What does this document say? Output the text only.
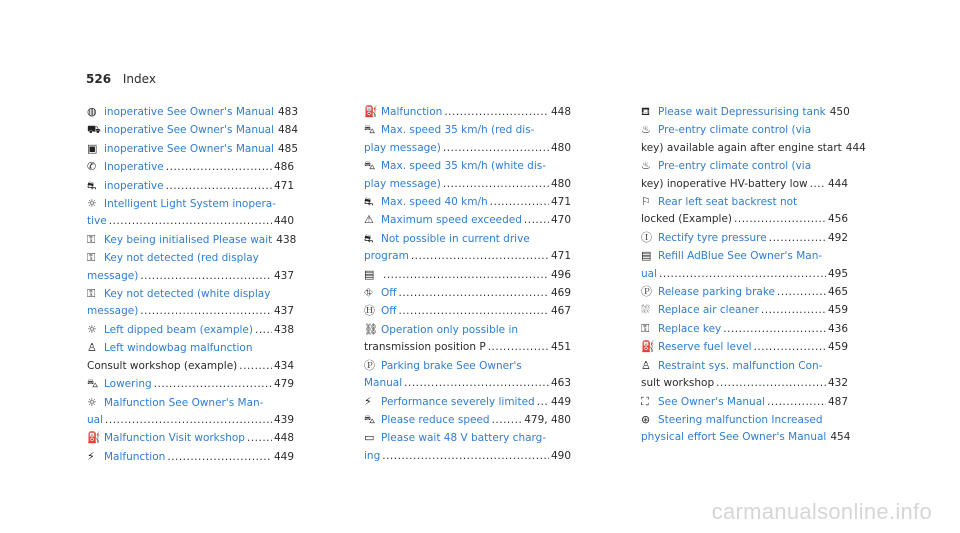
526 Index
◍ inoperative See Owner's Manual 483
⛟ inoperative See Owner's Manual 484
▣ inoperative See Owner's Manual 485
✆ Inoperative .....	486
⛐ inoperative .....	471
☼ Intelligent Light System inopera-
tive .....	440
⚿ Key being initialised Please wait 438
⚿ Key not detected (red display
message) .....	437
⚿ Key not detected (white display
message) .....	437
☼ Left dipped beam (example) ..... 438
♙ Left windowbag malfunction
Consult workshop (example) .....	434
⛍ Lowering .....	479
☼ Malfunction See Owner's Man-
ual .....	439
⛽ Malfunction Visit workshop .....	448
⚡ Malfunction .....	449
⛽ Malfunction .....	448
⛍ Max. speed 35 km/h (red dis-
play message) .....	480
⛍ Max. speed 35 km/h (white dis-
play message) .....	480
⛐ Max. speed 40 km/h .....	471
⚠ Maximum speed exceeded .....	470
⛐ Not possible in current drive
program .....	471
▤ .....	496
⛗ Off .....	469
Ⓗ Off .....	467
⛓ Operation only possible in
transmission position P .....	451
Ⓟ Parking brake See Owner's
Manual .....	463
⚡ Performance severely limited ..... 449
⛍ Please reduce speed .....	479, 480
▭ Please wait 48 V battery charg-
ing .....	490
⛾ Please wait Depressurising tank 450
♨ Pre-entry climate control (via
key) available again after engine start 444
♨ Pre-entry climate control (via
key) inoperative HV-battery low ..... 444
⚐ Rear left seat backrest not
locked (Example) .....	456
Ⓘ Rectify tyre pressure .....	492
▤ Refill AdBlue See Owner's Man-
ual .....	495
Ⓟ Release parking brake .....	465
⛆ Replace air cleaner .....	459
⚿ Replace key .....	436
⛽ Reserve fuel level .....	459
♙ Restraint sys. malfunction Con-
sult workshop .....	432
⛶ See Owner's Manual .....	487
⊛ Steering malfunction Increased
physical effort See Owner's Manual 454
carmanualsonline.info
